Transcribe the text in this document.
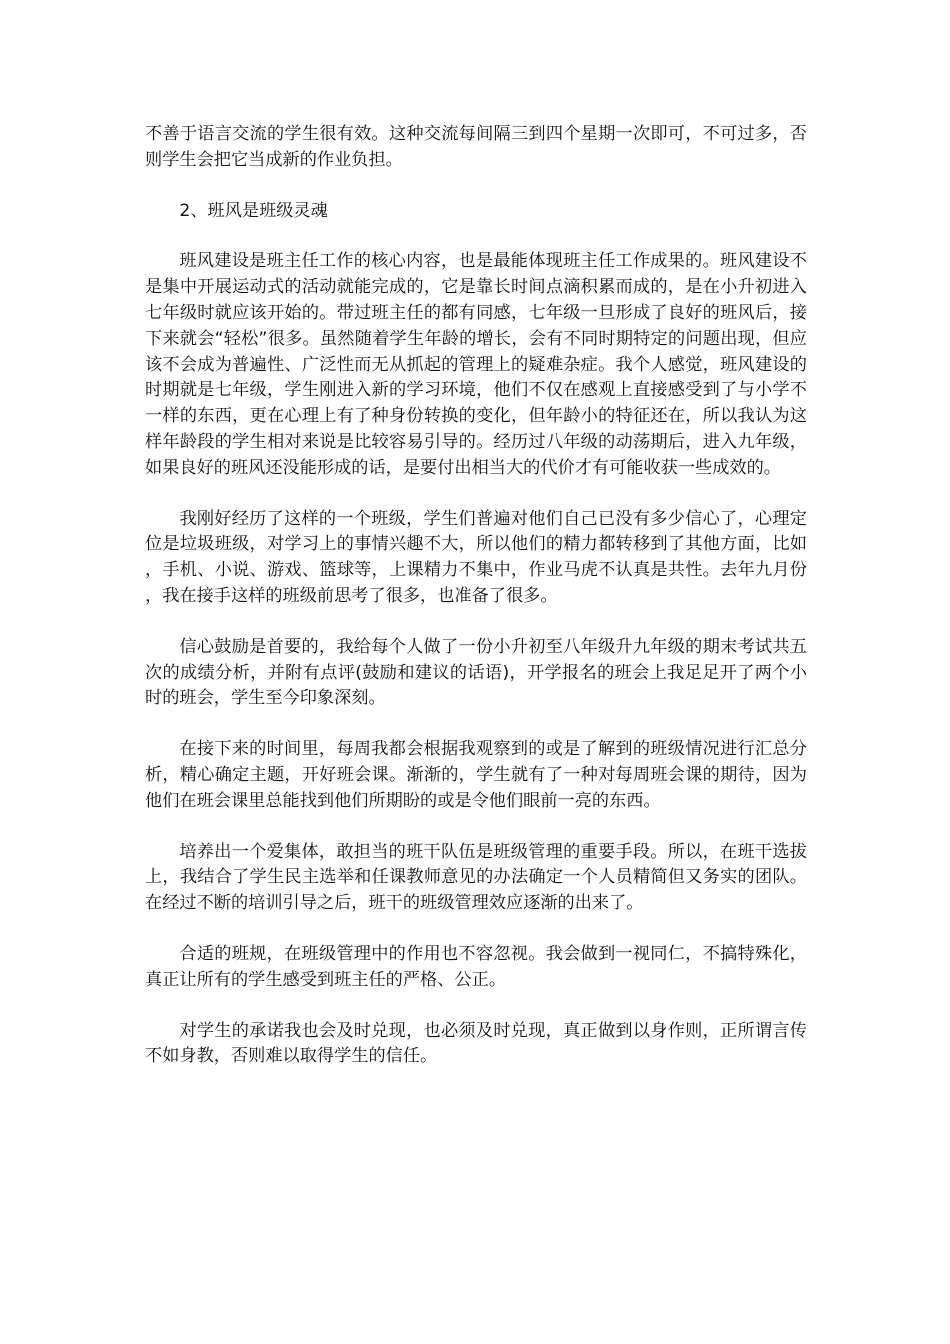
不善于语言交流的学生很有效。这种交流每间隔三到四个星期一次即可，不可过多，否则学生会把它当成新的作业负担。

2、班风是班级灵魂

班风建设是班主任工作的核心内容，也是最能体现班主任工作成果的。班风建设不是集中开展运动式的活动就能完成的，它是靠长时间点滴积累而成的，是在小升初进入七年级时就应该开始的。带过班主任的都有同感，七年级一旦形成了良好的班风后，接下来就会“轻松”很多。虽然随着学生年龄的增长，会有不同时期特定的问题出现，但应该不会成为普遍性、广泛性而无从抓起的管理上的疑难杂症。我个人感觉，班风建设的时期就是七年级，学生刚进入新的学习环境，他们不仅在感观上直接感受到了与小学不一样的东西，更在心理上有了种身份转换的变化，但年龄小的特征还在，所以我认为这样年龄段的学生相对来说是比较容易引导的。经历过八年级的动荡期后，进入九年级，如果良好的班风还没能形成的话，是要付出相当大的代价才有可能收获一些成效的。

我刚好经历了这样的一个班级，学生们普遍对他们自己已没有多少信心了，心理定位是垃圾班级，对学习上的事情兴趣不大，所以他们的精力都转移到了其他方面，比如，手机、小说、游戏、篮球等，上课精力不集中，作业马虎不认真是共性。去年九月份，我在接手这样的班级前思考了很多，也准备了很多。

信心鼓励是首要的，我给每个人做了一份小升初至八年级升九年级的期末考试共五次的成绩分析，并附有点评(鼓励和建议的话语)，开学报名的班会上我足足开了两个小时的班会，学生至今印象深刻。

在接下来的时间里，每周我都会根据我观察到的或是了解到的班级情况进行汇总分析，精心确定主题，开好班会课。渐渐的，学生就有了一种对每周班会课的期待，因为他们在班会课里总能找到他们所期盼的或是令他们眼前一亮的东西。

培养出一个爱集体，敢担当的班干队伍是班级管理的重要手段。所以，在班干选拔上，我结合了学生民主选举和任课教师意见的办法确定一个人员精简但又务实的团队。在经过不断的培训引导之后，班干的班级管理效应逐渐的出来了。

合适的班规，在班级管理中的作用也不容忽视。我会做到一视同仁，不搞特殊化，真正让所有的学生感受到班主任的严格、公正。

对学生的承诺我也会及时兑现，也必须及时兑现，真正做到以身作则，正所谓言传不如身教，否则难以取得学生的信任。
